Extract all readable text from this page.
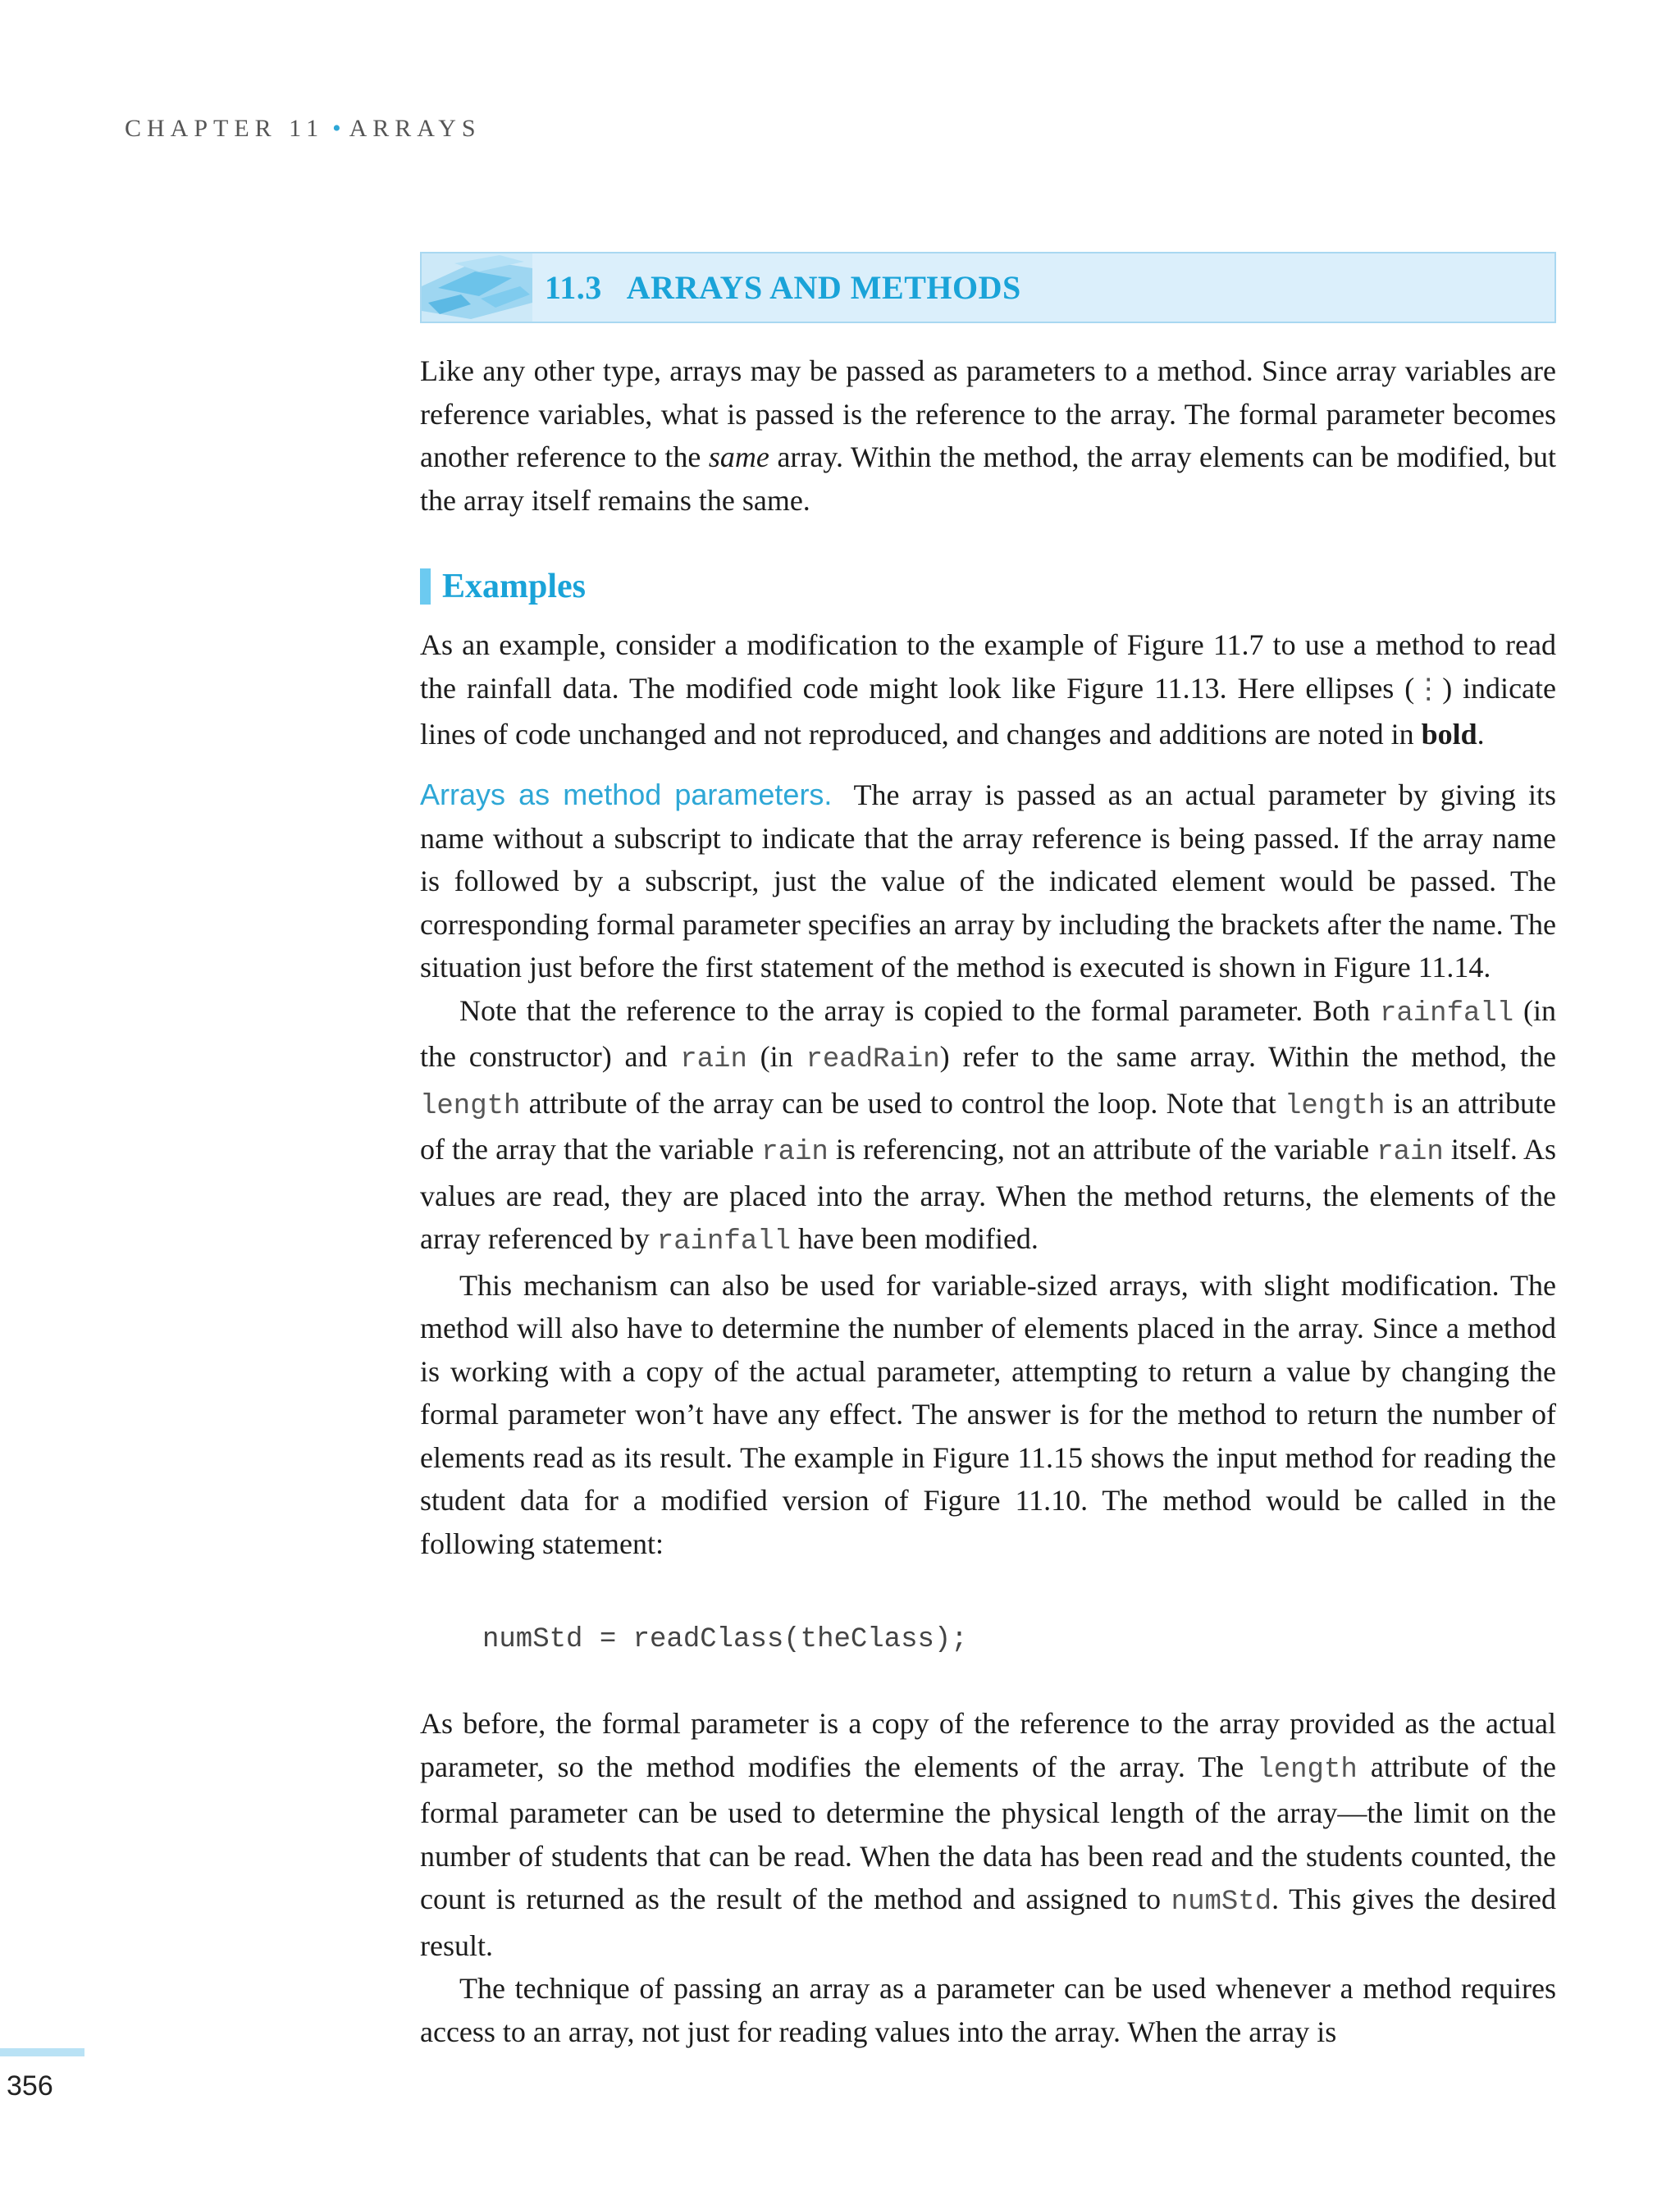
CHAPTER 11 • ARRAYS
11.3 ARRAYS AND METHODS

Like any other type, arrays may be passed as parameters to a method. Since array variables are reference variables, what is passed is the reference to the array. The formal parameter becomes another reference to the same array. Within the method, the array elements can be modified, but the array itself remains the same.

Examples

As an example, consider a modification to the example of Figure 11.7 to use a method to read the rainfall data. The modified code might look like Figure 11.13. Here ellipses (⋮) indicate lines of code unchanged and not reproduced, and changes and additions are noted in bold.

Arrays as method parameters. The array is passed as an actual parameter by giving its name without a subscript to indicate that the array reference is being passed. If the array name is followed by a subscript, just the value of the indicated element would be passed. The corresponding formal parameter specifies an array by including the brackets after the name. The situation just before the first statement of the method is executed is shown in Figure 11.14.

Note that the reference to the array is copied to the formal parameter. Both rainfall (in the constructor) and rain (in readRain) refer to the same array. Within the method, the length attribute of the array can be used to control the loop. Note that length is an attribute of the array that the variable rain is referencing, not an attribute of the variable rain itself. As values are read, they are placed into the array. When the method returns, the elements of the array referenced by rainfall have been modified.

This mechanism can also be used for variable-sized arrays, with slight modification. The method will also have to determine the number of elements placed in the array. Since a method is working with a copy of the actual parameter, attempting to return a value by changing the formal parameter won’t have any effect. The answer is for the method to return the number of elements read as its result. The example in Figure 11.15 shows the input method for reading the student data for a modified version of Figure 11.10. The method would be called in the following statement:

numStd = readClass(theClass);

As before, the formal parameter is a copy of the reference to the array provided as the actual parameter, so the method modifies the elements of the array. The length attribute of the formal parameter can be used to determine the physical length of the array—the limit on the number of students that can be read. When the data has been read and the students counted, the count is returned as the result of the method and assigned to numStd. This gives the desired result.

The technique of passing an array as a parameter can be used whenever a method requires access to an array, not just for reading values into the array. When the array is

356
